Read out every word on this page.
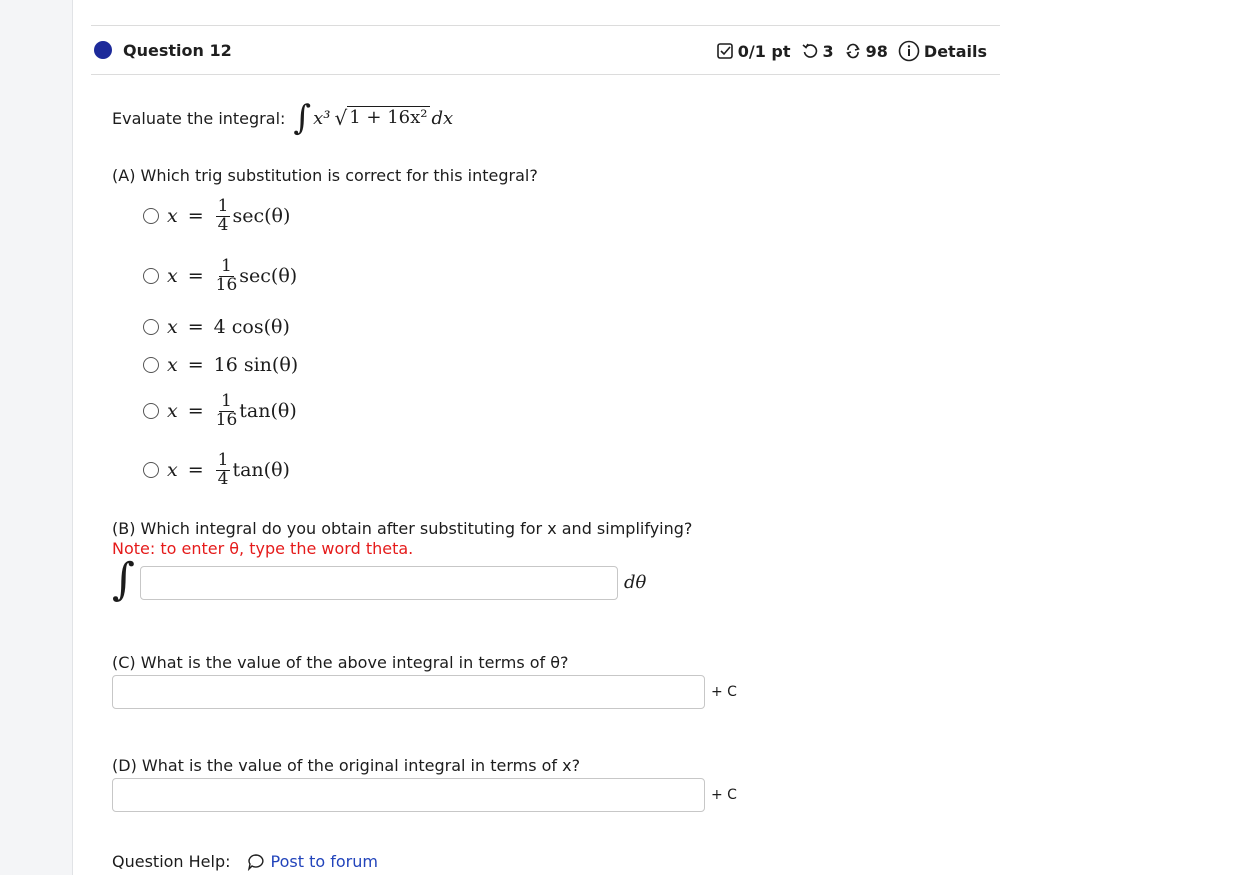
Question 12	0/1 pt 3 98 Details
Evaluate the integral: ∫ x³ √ 1 + 16x² dx
(A) Which trig substitution is correct for this integral?
$x = \frac{1}{4} \sec(\theta)$
$x = \frac{1}{16} \sec(\theta)$
x = 4 cos(θ)
x = 16 sin(θ)
$x = \frac{1}{16} \tan(\theta)$
$x = \frac{1}{4} \tan(\theta)$
(B) Which integral do you obtain after substituting for x and simplifying?
Note: to enter θ, type the word theta.
∫	dθ
(C) What is the value of the above integral in terms of θ?
+ C
(D) What is the value of the original integral in terms of x?
+ C
Question Help:	Post to forum
